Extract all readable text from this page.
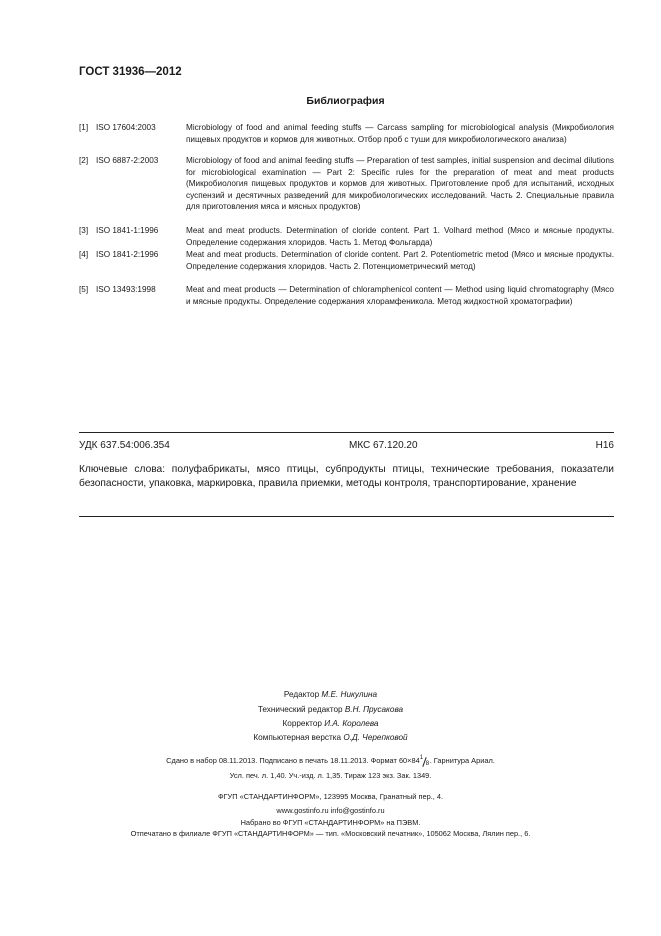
ГОСТ 31936—2012
Библиография
[1] ISO 17604:2003	Microbiology of food and animal feeding stuffs — Carcass sampling for microbiological analysis (Микробиология пищевых продуктов и кормов для животных. Отбор проб с туши для микробиологического анализа)
[2] ISO 6887-2:2003	Microbiology of food and animal feeding stuffs — Preparation of test samples, initial suspension and decimal dilutions for microbiological examination — Part 2: Specific rules for the preparation of meat and meat products (Микробиология пищевых продуктов и кормов для животных. Приготовление проб для испытаний, исходных суспензий и десятичных разведений для микробиологических исследований. Часть 2. Специальные правила для приготовления мяса и мясных продуктов)
[3] ISO 1841-1:1996	Meat and meat products. Determination of cloride content. Part 1. Volhard method (Мясо и мясные продукты. Определение содержания хлоридов. Часть 1. Метод Фольгарда)
[4] ISO 1841-2:1996	Meat and meat products. Determination of cloride content. Part 2. Potentiometric metod (Мясо и мясные продукты. Определение содержания хлоридов. Часть 2. Потенциометрический метод)
[5] ISO 13493:1998	Meat and meat products — Determination of chloramphenicol content — Method using liquid chromatography (Мясо и мясные продукты. Определение содержания хлорамфеникола. Метод жидкостной хроматографии)
УДК 637.54:006.354	МКС 67.120.20	Н16
Ключевые слова: полуфабрикаты, мясо птицы, субпродукты птицы, технические требования, показатели безопасности, упаковка, маркировка, правила приемки, методы контроля, транспортирование, хранение
Редактор М.Е. Никулина
Технический редактор В.Н. Прусакова
Корректор И.А. Королева
Компьютерная верстка О.Д. Черепковой
Сдано в набор 08.11.2013. Подписано в печать 18.11.2013. Формат 60×84 1
8 . Гарнитура Ариал.
Усл. печ. л. 1,40. Уч.-изд. л. 1,35. Тираж 123 экз. Зак. 1349.
ФГУП «СТАНДАРТИНФОРМ», 123995 Москва, Гранатный пер., 4.
www.gostinfo.ru info@gostinfo.ru
Набрано во ФГУП «СТАНДАРТИНФОРМ» на ПЭВМ.
Отпечатано в филиале ФГУП «СТАНДАРТИНФОРМ» — тип. «Московский печатник», 105062 Москва, Лялин пер., 6.
